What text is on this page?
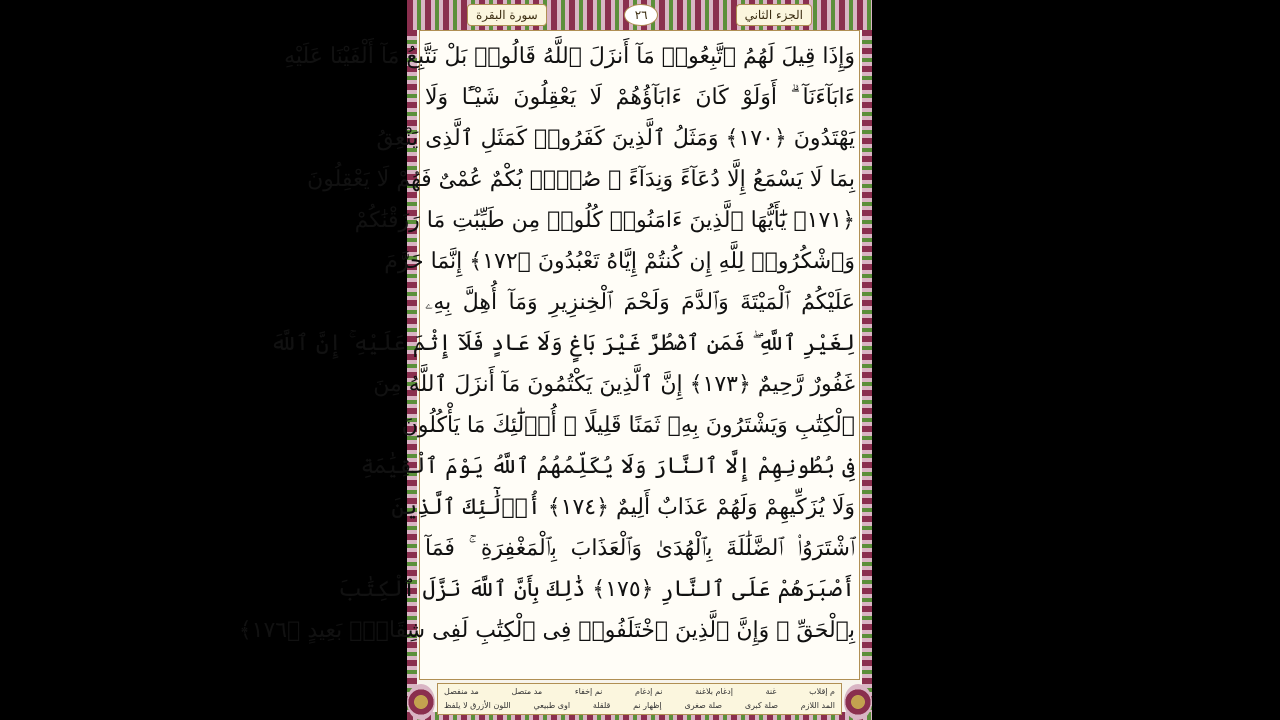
الجزء الثاني
٢٦
سورة البقرة
وَإِذَا قِيلَ لَهُمُ ٱتَّبِعُوا۟ مَآ أَنزَلَ ٱللَّهُ قَالُوا۟ بَلْ نَتَّبِعُ مَآ أَلْفَيْنَا عَلَيْهِ
ءَابَآءَنَآ ۗ أَوَلَوْ كَانَ ءَابَآؤُهُمْ لَا يَعْقِلُونَ شَيْـًٔا وَلَا
يَهْتَدُونَ ﴿١٧٠﴾ وَمَثَلُ ٱلَّذِينَ كَفَرُوا۟ كَمَثَلِ ٱلَّذِى يَنْعِقُ
بِمَا لَا يَسْمَعُ إِلَّا دُعَآءً وَنِدَآءً ۚ صُمٌّۢ بُكْمٌ عُمْىٌ فَهُمْ لَا يَعْقِلُونَ
﴿١٧١﴾ يَٰٓأَيُّهَا ٱلَّذِينَ ءَامَنُوا۟ كُلُوا۟ مِن طَيِّبَٰتِ مَا رَزَقْنَٰكُمْ
وَٱشْكُرُوا۟ لِلَّهِ إِن كُنتُمْ إِيَّاهُ تَعْبُدُونَ ﴿١٧٢﴾ إِنَّمَا حَرَّمَ
عَلَيْكُمُ ٱلْمَيْتَةَ وَٱلدَّمَ وَلَحْمَ ٱلْخِنزِيرِ وَمَآ أُهِلَّ بِهِۦ
لِغَيْرِ ٱللَّهِ ۖ فَمَنِ ٱضْطُرَّ غَيْرَ بَاغٍ وَلَا عَادٍ فَلَآ إِثْمَ عَلَيْهِ ۚ إِنَّ ٱللَّهَ
غَفُورٌ رَّحِيمٌ ﴿١٧٣﴾ إِنَّ ٱلَّذِينَ يَكْتُمُونَ مَآ أَنزَلَ ٱللَّهُ مِنَ
ٱلْكِتَٰبِ وَيَشْتَرُونَ بِهِۦ ثَمَنًا قَلِيلًا ۙ أُو۟لَٰٓئِكَ مَا يَأْكُلُونَ
فِى بُطُونِهِمْ إِلَّا ٱلنَّارَ وَلَا يُكَلِّمُهُمُ ٱللَّهُ يَوْمَ ٱلْقِيَٰمَةِ
وَلَا يُزَكِّيهِمْ وَلَهُمْ عَذَابٌ أَلِيمٌ ﴿١٧٤﴾ أُو۟لَٰٓئِكَ ٱلَّذِينَ
ٱشْتَرَوُا۟ ٱلضَّلَٰلَةَ بِٱلْهُدَىٰ وَٱلْعَذَابَ بِٱلْمَغْفِرَةِ ۚ فَمَآ
أَصْبَرَهُمْ عَلَى ٱلنَّارِ ﴿١٧٥﴾ ذَٰلِكَ بِأَنَّ ٱللَّهَ نَزَّلَ ٱلْكِتَٰبَ
بِٱلْحَقِّ ۗ وَإِنَّ ٱلَّذِينَ ٱخْتَلَفُوا۟ فِى ٱلْكِتَٰبِ لَفِى شِقَاقٍۭ بَعِيدٍ ﴿١٧٦﴾
م إقلاب
غنة
إدغام بلاغنة
نم إدغام
نم إخفاء
مد متصل
مد منفصل
المد اللازم
صلة كبرى
صلة صغرى
إظهار نم
قلقلة
اوى طبيعي
اللون الأزرق لا يلفظ
